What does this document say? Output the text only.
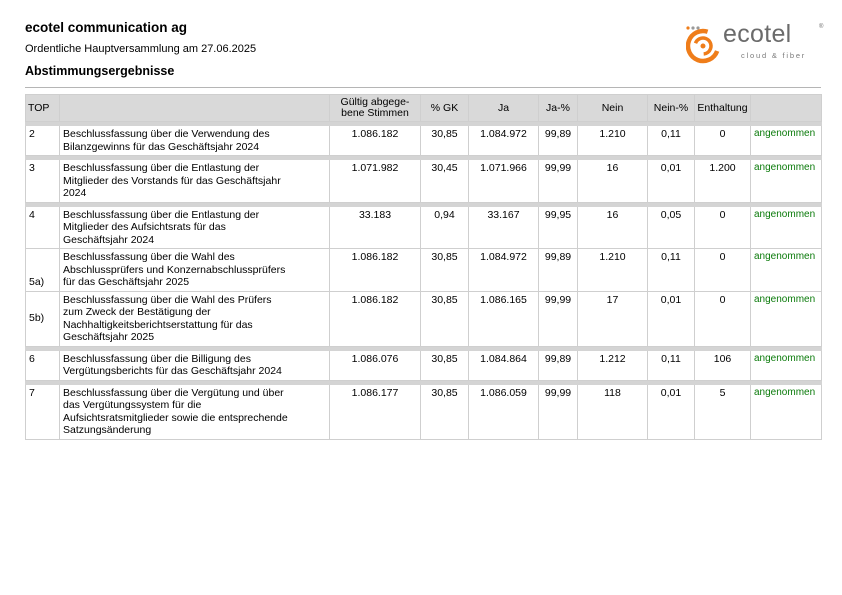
ecotel communication ag
Ordentliche Hauptversammlung am 27.06.2025
Abstimmungsergebnisse
ecotel	®
cloud & fiber
TOP		Gültig abgege-
bene Stimmen	% GK	Ja	Ja-%	Nein	Nein-%	Enthaltung	

2	Beschlussfassung über die Verwendung des
Bilanzgewinns für das Geschäftsjahr 2024	1.086.182	30,85	1.084.972	99,89	1.210	0,11	0	angenommen

3	Beschlussfassung über die Entlastung der
Mitglieder des Vorstands für das Geschäftsjahr
2024	1.071.982	30,45	1.071.966	99,99	16	0,01	1.200	angenommen

4	Beschlussfassung über die Entlastung der
Mitglieder des Aufsichtsrats für das
Geschäftsjahr 2024	33.183	0,94	33.167	99,95	16	0,05	0	angenommen
5a)	Beschlussfassung über die Wahl des
Abschlussprüfers und Konzernabschlussprüfers
für das Geschäftsjahr 2025	1.086.182	30,85	1.084.972	99,89	1.210	0,11	0	angenommen
5b)	Beschlussfassung über die Wahl des Prüfers
zum Zweck der Bestätigung der
Nachhaltigkeitsberichtserstattung für das
Geschäftsjahr 2025	1.086.182	30,85	1.086.165	99,99	17	0,01	0	angenommen

6	Beschlussfassung über die Billigung des
Vergütungsberichts für das Geschäftsjahr 2024	1.086.076	30,85	1.084.864	99,89	1.212	0,11	106	angenommen

7	Beschlussfassung über die Vergütung und über
das Vergütungssystem für die
Aufsichtsratsmitglieder sowie die entsprechende
Satzungsänderung	1.086.177	30,85	1.086.059	99,99	118	0,01	5	angenommen
